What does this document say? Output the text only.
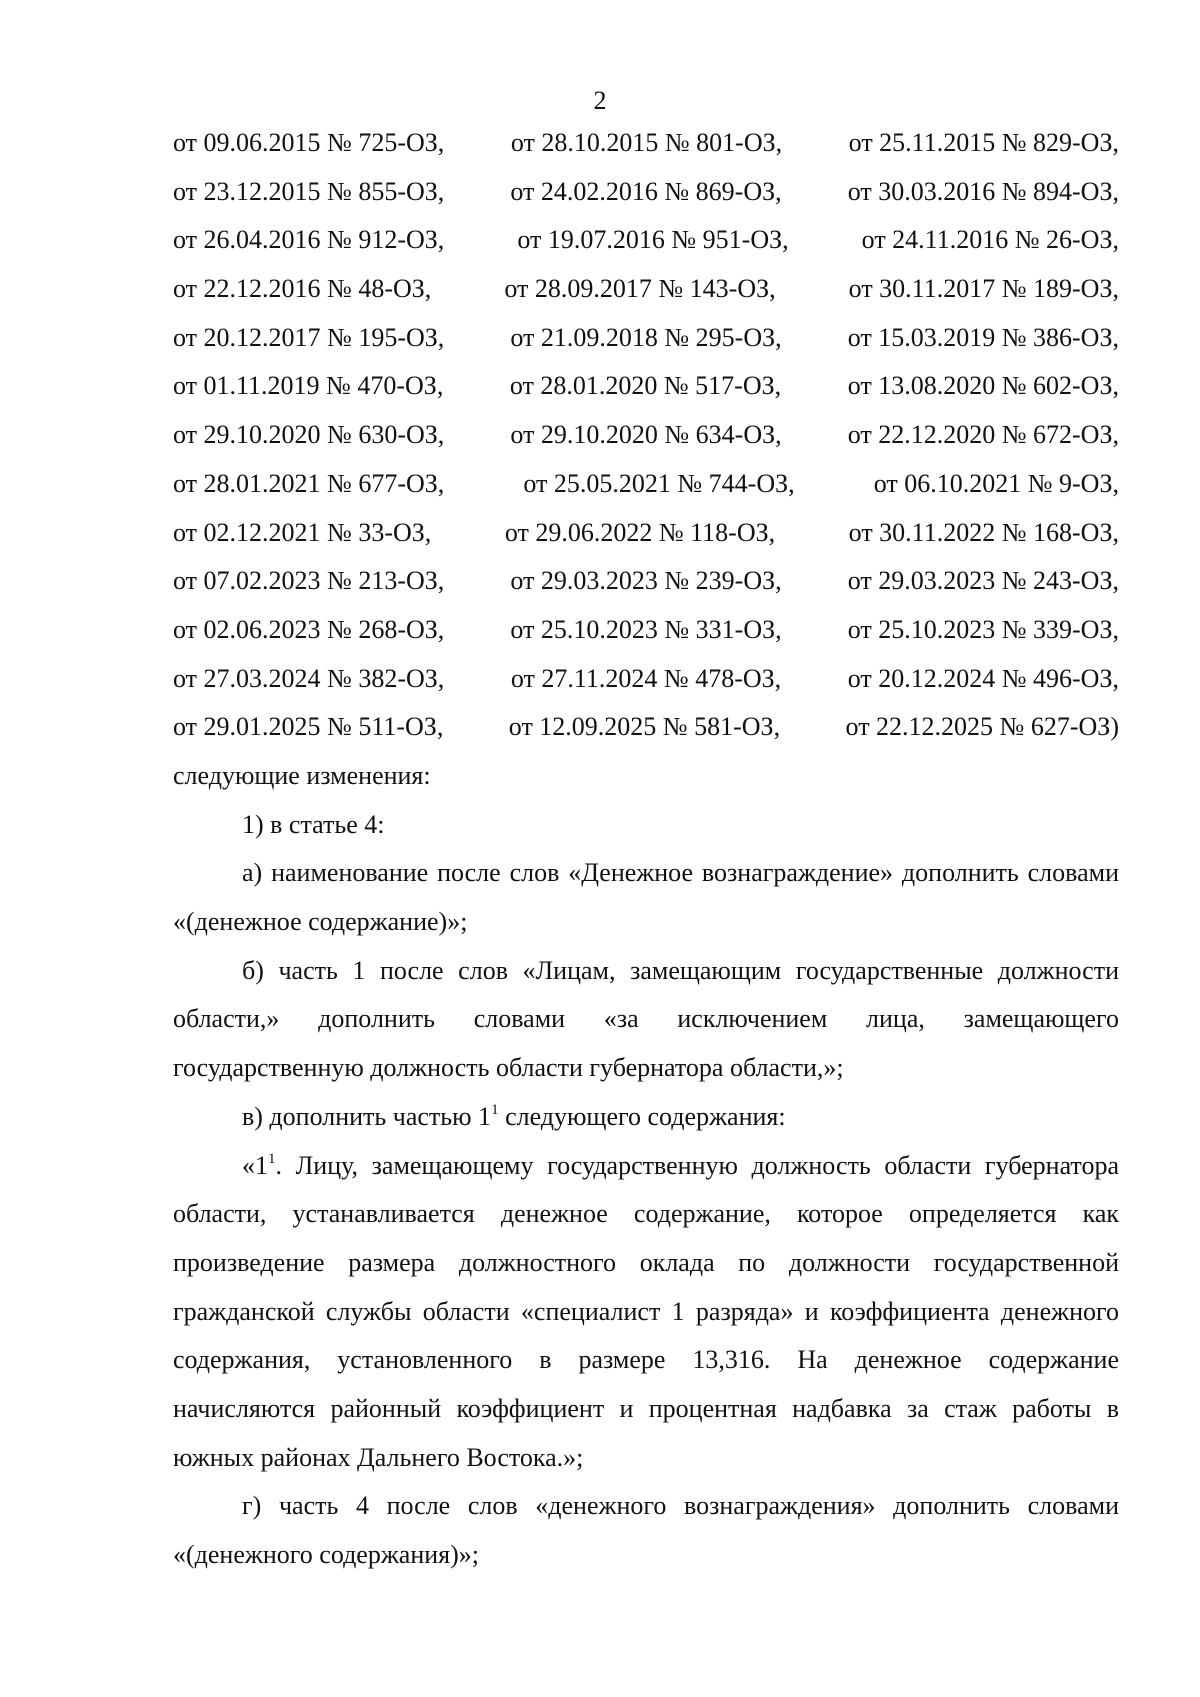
2
от 09.06.2015 № 725-ОЗ,	от 28.10.2015 № 801-ОЗ,	от 25.11.2015 № 829-ОЗ,
от 23.12.2015 № 855-ОЗ,	от 24.02.2016 № 869-ОЗ,	от 30.03.2016 № 894-ОЗ,
от 26.04.2016 № 912-ОЗ,	от 19.07.2016 № 951-ОЗ,	от 24.11.2016 № 26-ОЗ,
от 22.12.2016 № 48-ОЗ,	от 28.09.2017 № 143-ОЗ,	от 30.11.2017 № 189-ОЗ,
от 20.12.2017 № 195-ОЗ,	от 21.09.2018 № 295-ОЗ,	от 15.03.2019 № 386-ОЗ,
от 01.11.2019 № 470-ОЗ,	от 28.01.2020 № 517-ОЗ,	от 13.08.2020 № 602-ОЗ,
от 29.10.2020 № 630-ОЗ,	от 29.10.2020 № 634-ОЗ,	от 22.12.2020 № 672-ОЗ,
от 28.01.2021 № 677-ОЗ,	от 25.05.2021 № 744-ОЗ,	от 06.10.2021 № 9-ОЗ,
от 02.12.2021 № 33-ОЗ,	от 29.06.2022 № 118-ОЗ,	от 30.11.2022 № 168-ОЗ,
от 07.02.2023 № 213-ОЗ,	от 29.03.2023 № 239-ОЗ,	от 29.03.2023 № 243-ОЗ,
от 02.06.2023 № 268-ОЗ,	от 25.10.2023 № 331-ОЗ,	от 25.10.2023 № 339-ОЗ,
от 27.03.2024 № 382-ОЗ,	от 27.11.2024 № 478-ОЗ,	от 20.12.2024 № 496-ОЗ,
от 29.01.2025 № 511-ОЗ,	от 12.09.2025 № 581-ОЗ,	от 22.12.2025 № 627-ОЗ)

следующие изменения:

1) в статье 4:

а) наименование после слов «Денежное вознаграждение» дополнить словами «(денежное содержание)»;

б) часть 1 после слов «Лицам, замещающим государственные должности области,» дополнить словами «за исключением лица, замещающего государственную должность области губернатора области,»;

в) дополнить частью $1^1$ следующего содержания:

«$1^1$. Лицу, замещающему государственную должность области губернатора области, устанавливается денежное содержание, которое определяется как произведение размера должностного оклада по должности государственной гражданской службы области «специалист 1 разряда» и коэффициента денежного содержания, установленного в размере 13,316. На денежное содержание начисляются районный коэффициент и процентная надбавка за стаж работы в южных районах Дальнего Востока.»;

г) часть 4 после слов «денежного вознаграждения» дополнить словами «(денежного содержания)»;
